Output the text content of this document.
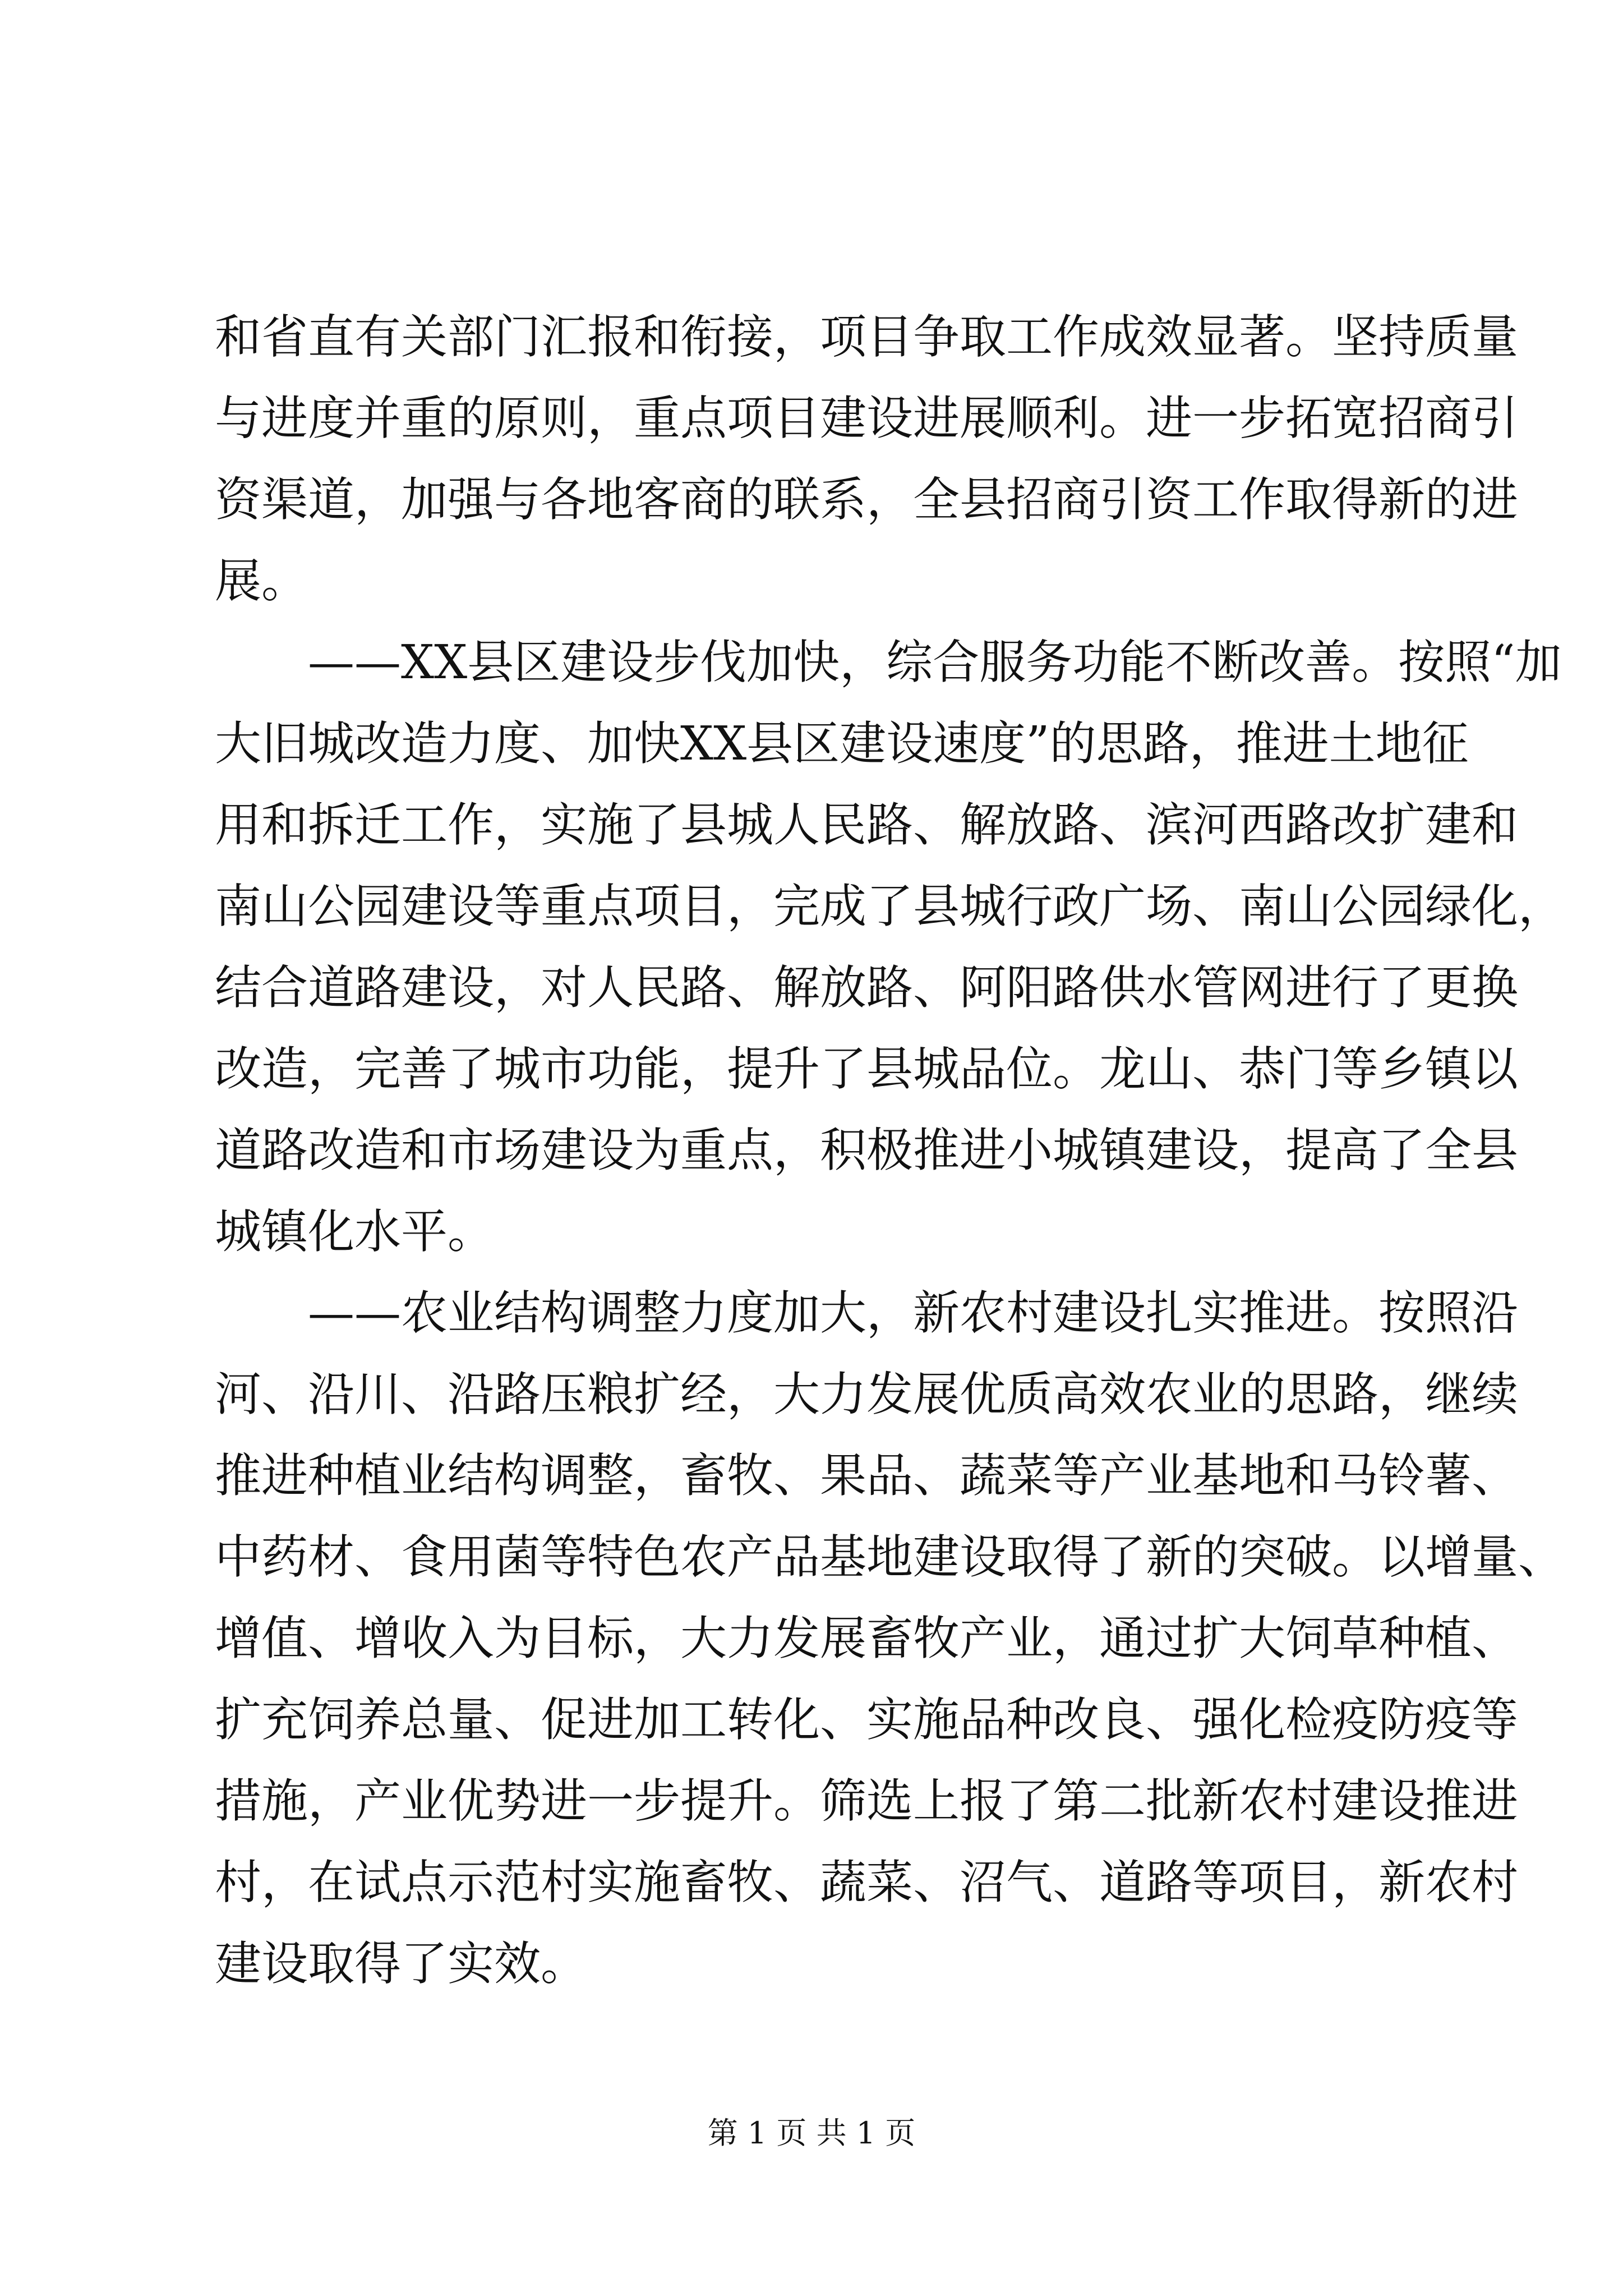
和省直有关部门汇报和衔接，项目争取工作成效显著。坚持质量
与进度并重的原则，重点项目建设进展顺利。进一步拓宽招商引
资渠道，加强与各地客商的联系，全县招商引资工作取得新的进
展。
　　——XX县区建设步伐加快，综合服务功能不断改善。按照“加
大旧城改造力度、加快XX县区建设速度”的思路，推进土地征
用和拆迁工作，实施了县城人民路、解放路、滨河西路改扩建和
南山公园建设等重点项目，完成了县城行政广场、南山公园绿化，
结合道路建设，对人民路、解放路、阿阳路供水管网进行了更换
改造，完善了城市功能，提升了县城品位。龙山、恭门等乡镇以
道路改造和市场建设为重点，积极推进小城镇建设，提高了全县
城镇化水平。
　　——农业结构调整力度加大，新农村建设扎实推进。按照沿
河、沿川、沿路压粮扩经，大力发展优质高效农业的思路，继续
推进种植业结构调整，畜牧、果品、蔬菜等产业基地和马铃薯、
中药材、食用菌等特色农产品基地建设取得了新的突破。以增量、
增值、增收入为目标，大力发展畜牧产业，通过扩大饲草种植、
扩充饲养总量、促进加工转化、实施品种改良、强化检疫防疫等
措施，产业优势进一步提升。筛选上报了第二批新农村建设推进
村，在试点示范村实施畜牧、蔬菜、沼气、道路等项目，新农村
建设取得了实效。
第 1 页 共 1 页
